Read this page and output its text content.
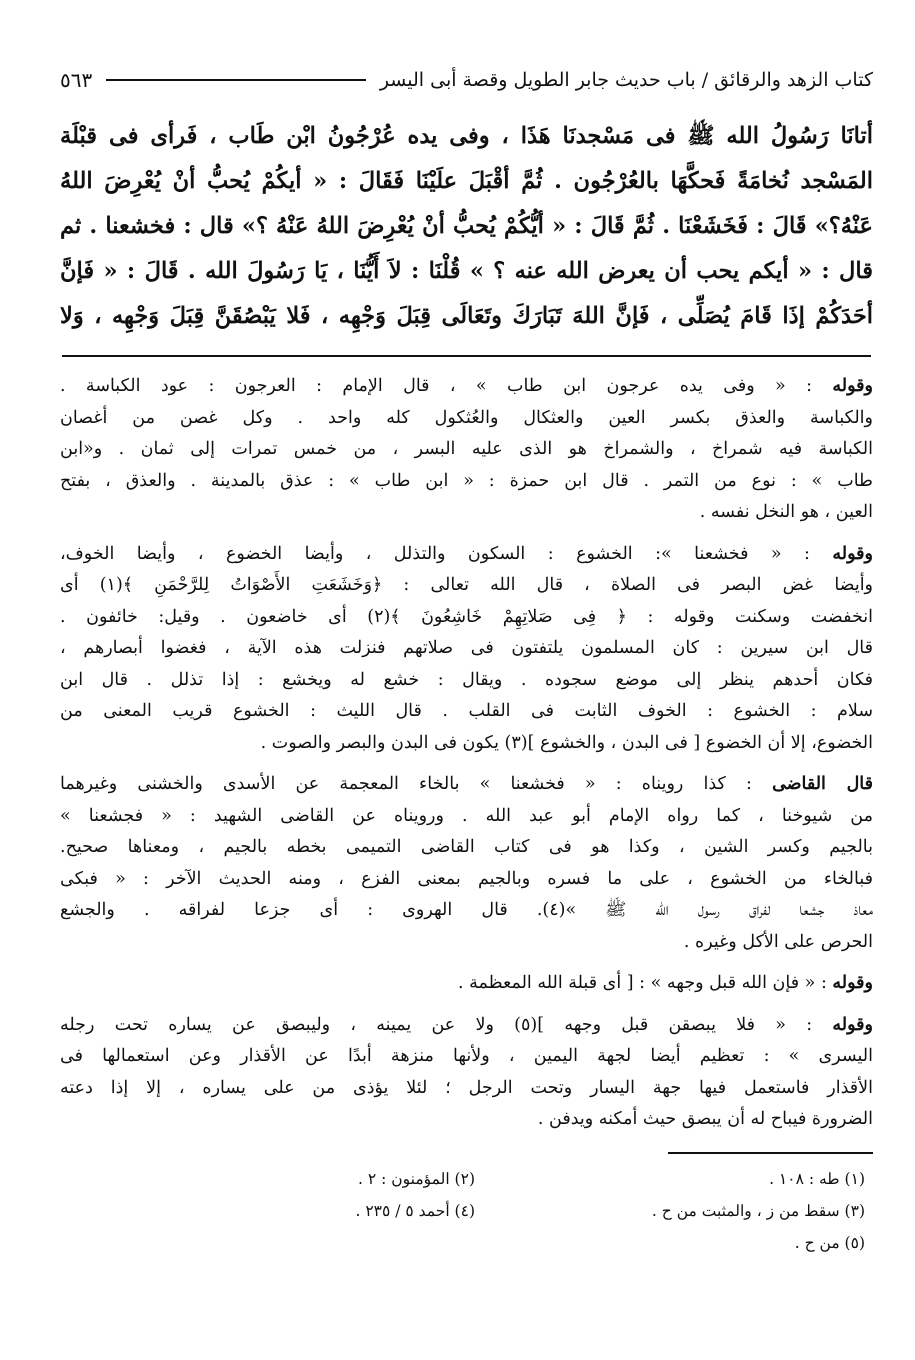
كتاب الزهد والرقائق / باب حديث جابر الطويل وقصة أبى اليسر
٥٦٣
أتانَا رَسُولُ الله ﷺ فى مَسْجدنَا هَذَا ، وفى يده عُرْجُونُ ابْن طَاب ، فَرأى فى قبْلَة
المَسْجد نُخامَةً فَحكَّهَا بالعُرْجُون . ثُمَّ أقْبَلَ علَيْنَا فَقَالَ : « أيكُمْ يُحبُّ أنْ يُعْرِضَ اللهُ
عَنْهُ؟» قَالَ : فَخَشَعْنَا . ثُمَّ قَالَ : « أيُّكُمْ يُحبُّ أنْ يُعْرِضَ اللهُ عَنْهُ ؟» قال : فخشعنا . ثم
قال : « أيكم يحب أن يعرض الله عنه ؟ » قُلْنَا : لاَ أَيُّنَا ، يَا رَسُولَ الله . قَالَ : « فَإنَّ
أحَدَكُمْ إذَا قَامَ يُصَلِّى ، فَإنَّ اللهَ تَبَارَكَ وتَعَالَى قِبَلَ وَجْهِه ، فَلا يَبْصُقَنَّ قِبَلَ وَجْهِه ، وَلا

وقوله : « وفى يده عرجون ابن طاب » ، قال الإمام : العرجون : عود الكباسة .
والكباسة والعذق بكسر العين والعثكال والعُثكول كله واحد . وكل غصن من أغصان
الكباسة فيه شمراخ ، والشمراخ هو الذى عليه البسر ، من خمس تمرات إلى ثمان . و«ابن
طاب » : نوع من التمر . قال ابن حمزة : « ابن طاب » : عذق بالمدينة . والعذق ، بفتح
العين ، هو النخل نفسه .

وقوله : « فخشعنا »: الخشوع : السكون والتذلل ، وأيضا الخضوع ، وأيضا الخوف،
وأيضا غض البصر فى الصلاة ، قال الله تعالى : ﴿وَخَشَعَتِ الأَصْوَاتُ لِلرَّحْمَنِ ﴾(١) أى
انخفضت وسكنت وقوله : ﴿ فِى صَلاتِهِمْ خَاشِعُونَ ﴾(٢) أى خاضعون . وقيل: خائفون .
قال ابن سيرين : كان المسلمون يلتفتون فى صلاتهم فنزلت هذه الآية ، فغضوا أبصارهم ،
فكان أحدهم ينظر إلى موضع سجوده . ويقال : خشع له ويخشع : إذا تذلل . قال ابن
سلام : الخشوع : الخوف الثابت فى القلب . قال الليث : الخشوع قريب المعنى من
الخضوع، إلا أن الخضوع [ فى البدن ، والخشوع ](٣) يكون فى البدن والبصر والصوت .

قال القاضى : كذا رويناه : « فخشعنا » بالخاء المعجمة عن الأسدى والخشنى وغيرهما
من شيوخنا ، كما رواه الإمام أبو عبد الله . ورويناه عن القاضى الشهيد : « فجشعنا »
بالجيم وكسر الشين ، وكذا هو فى كتاب القاضى التميمى بخطه بالجيم ، ومعناها صحيح.
فبالخاء من الخشوع ، على ما فسره وبالجيم بمعنى الفزع ، ومنه الحديث الآخر : « فبكى
معاذ جشعا لفراق رسول الله ﷺ »(٤). قال الهروى : أى جزعا لفراقه . والجشع
الحرص على الأكل وغيره .

وقوله : « فإن الله قبل وجهه » : [ أى قبلة الله المعظمة .

وقوله : « فلا يبصقن قبل وجهه ](٥) ولا عن يمينه ، وليبصق عن يساره تحت رجله
اليسرى » : تعظيم أيضا لجهة اليمين ، ولأنها منزهة أبدًا عن الأقذار وعن استعمالها فى
الأقذار فاستعمل فيها جهة اليسار وتحت الرجل ؛ لئلا يؤذى من على يساره ، إلا إذا دعته
الضرورة فيباح له أن يبصق حيث أمكنه ويدفن .

(١) طه : ١٠٨ .
(٢) المؤمنون : ٢ .
(٣) سقط من ز ، والمثبت من ح .
(٤) أحمد ٥ / ٢٣٥ .
(٥) من ح .
